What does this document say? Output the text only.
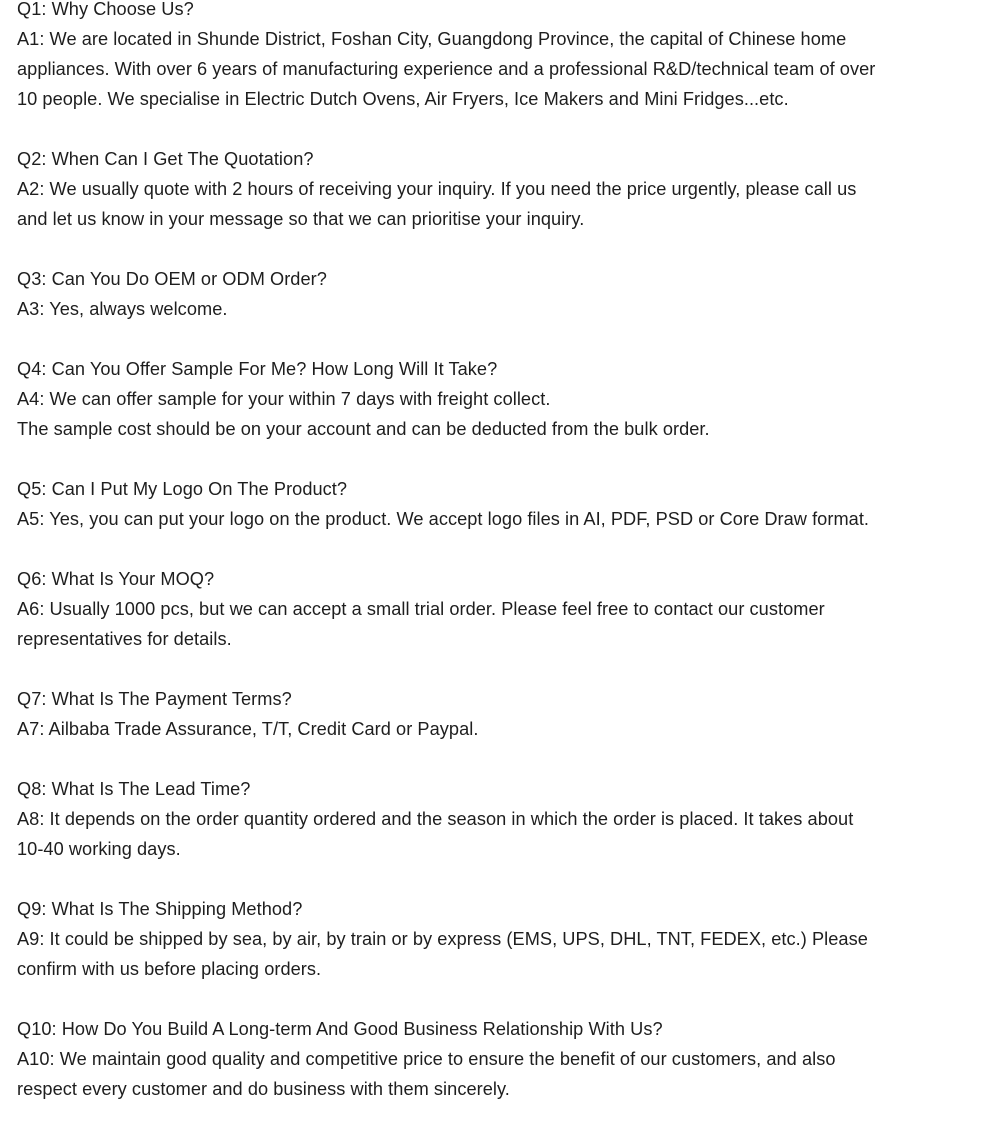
Q1: Why Choose Us?
A1: We are located in Shunde District, Foshan City, Guangdong Province, the capital of Chinese home
appliances. With over 6 years of manufacturing experience and a professional R&D/technical team of over
10 people. We specialise in Electric Dutch Ovens, Air Fryers, Ice Makers and Mini Fridges...etc.
Q2: When Can I Get The Quotation?
A2: We usually quote with 2 hours of receiving your inquiry. If you need the price urgently, please call us
and let us know in your message so that we can prioritise your inquiry.
Q3: Can You Do OEM or ODM Order?
A3: Yes, always welcome.
Q4: Can You Offer Sample For Me? How Long Will It Take?
A4: We can offer sample for your within 7 days with freight collect.
The sample cost should be on your account and can be deducted from the bulk order.
Q5: Can I Put My Logo On The Product?
A5: Yes, you can put your logo on the product. We accept logo files in AI, PDF, PSD or Core Draw format.
Q6: What Is Your MOQ?
A6: Usually 1000 pcs, but we can accept a small trial order. Please feel free to contact our customer
representatives for details.
Q7: What Is The Payment Terms?
A7: Ailbaba Trade Assurance, T/T, Credit Card or Paypal.
Q8: What Is The Lead Time?
A8: It depends on the order quantity ordered and the season in which the order is placed. It takes about
10-40 working days.
Q9: What Is The Shipping Method?
A9: It could be shipped by sea, by air, by train or by express (EMS, UPS, DHL, TNT, FEDEX, etc.) Please
confirm with us before placing orders.
Q10: How Do You Build A Long-term And Good Business Relationship With Us?
A10: We maintain good quality and competitive price to ensure the benefit of our customers, and also
respect every customer and do business with them sincerely.
